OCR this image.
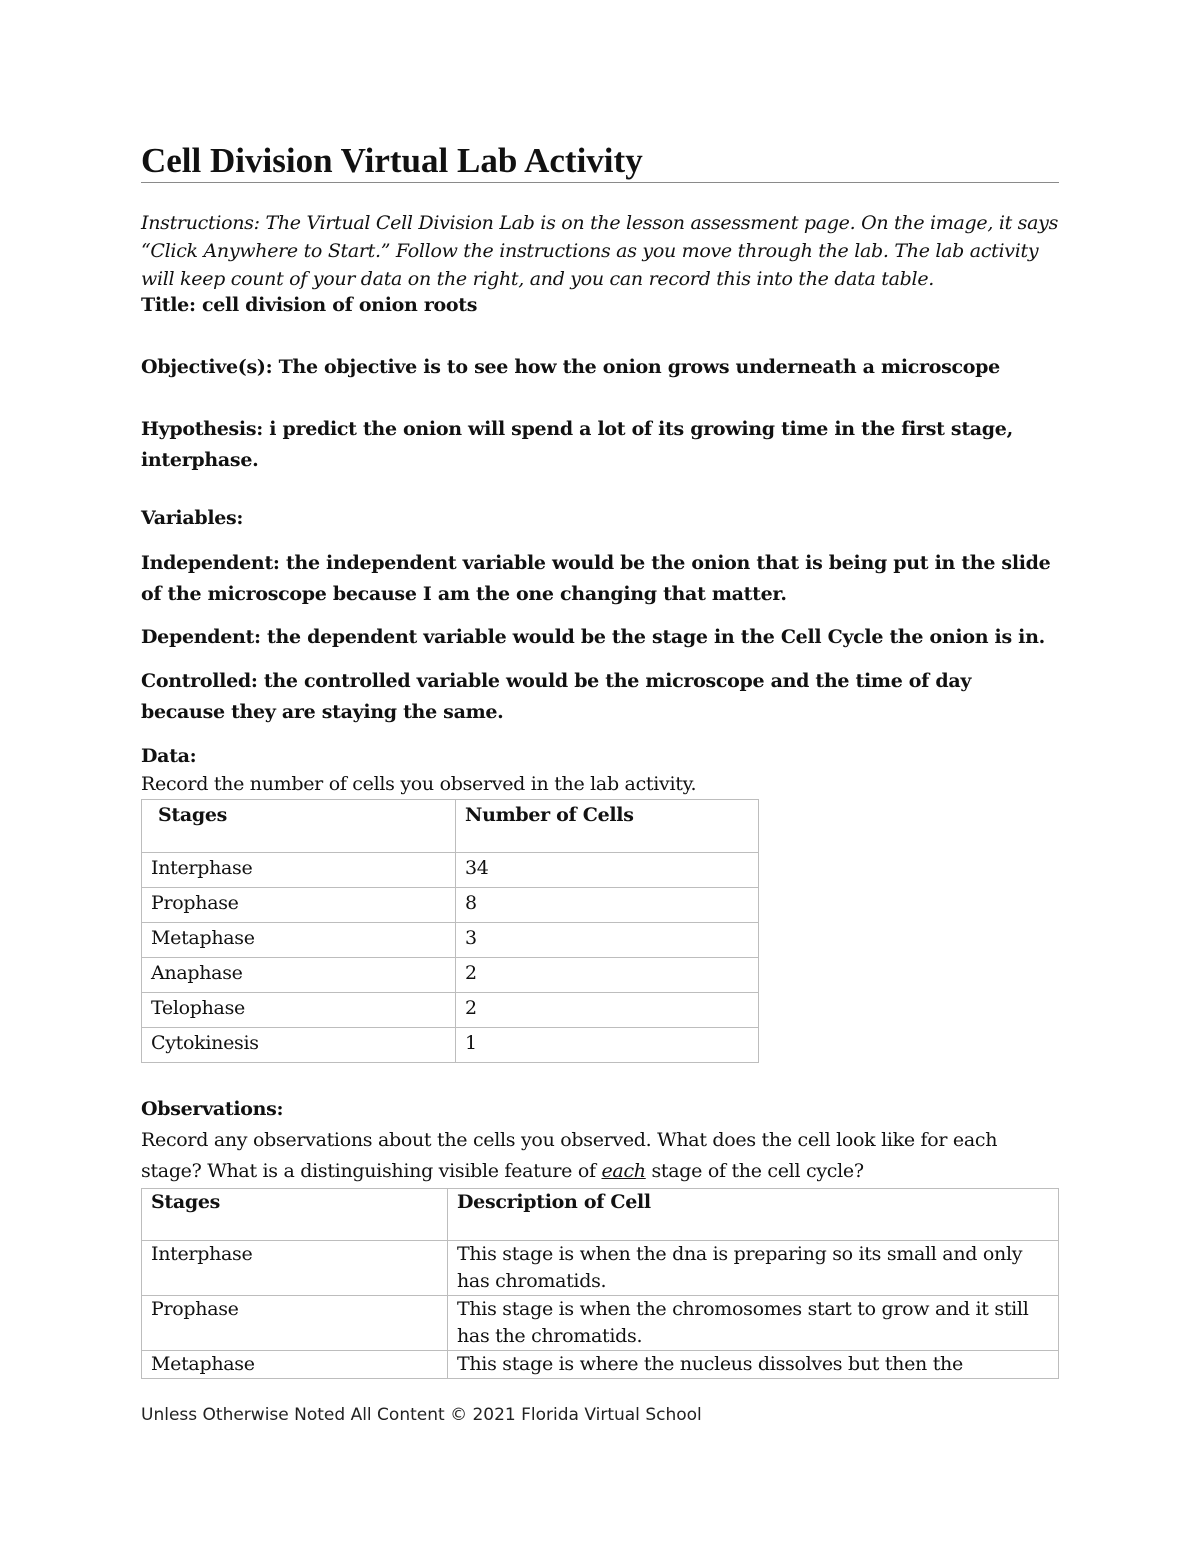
Cell Division Virtual Lab Activity

Instructions: The Virtual Cell Division Lab is on the lesson assessment page. On the image, it says “Click Anywhere to Start.” Follow the instructions as you move through the lab. The lab activity will keep count of your data on the right, and you can record this into the data table.

Title: cell division of onion roots

Objective(s): The objective is to see how the onion grows underneath a microscope

Hypothesis: i predict the onion will spend a lot of its growing time in the first stage, interphase.

Variables:

Independent: the independent variable would be the onion that is being put in the slide of the microscope because I am the one changing that matter.

Dependent: the dependent variable would be the stage in the Cell Cycle the onion is in.

Controlled: the controlled variable would be the microscope and the time of day because they are staying the same.

Data:

Record the number of cells you observed in the lab activity.

Stages	Number of Cells
Interphase	34
Prophase	8
Metaphase	3
Anaphase	2
Telophase	2
Cytokinesis	1

Observations:

Record any observations about the cells you observed. What does the cell look like for each stage? What is a distinguishing visible feature of each stage of the cell cycle?

Stages	Description of Cell
Interphase	This stage is when the dna is preparing so its small and only has chromatids.
Prophase	This stage is when the chromosomes start to grow and it still has the chromatids.
Metaphase	This stage is where the nucleus dissolves but then the
Unless Otherwise Noted All Content © 2021 Florida Virtual School
